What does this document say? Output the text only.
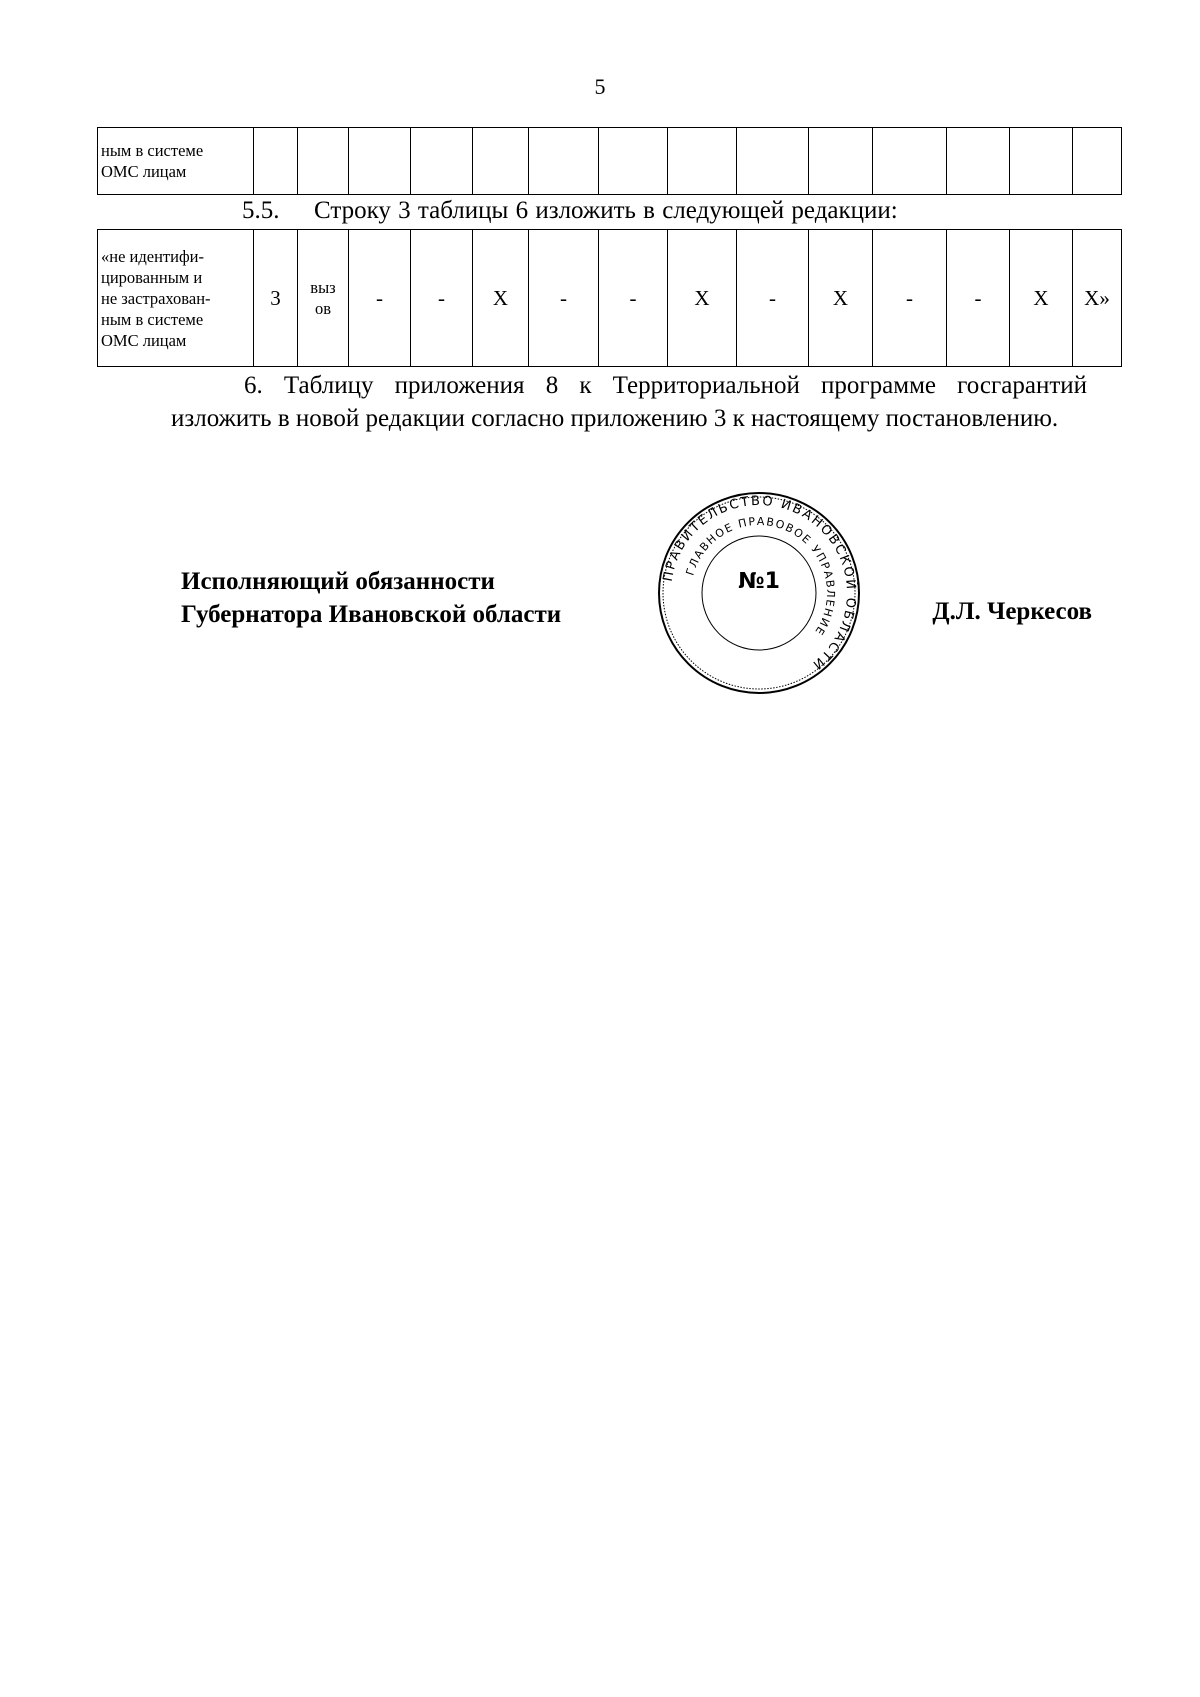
5
ным в системе
ОМС лицам

5.5. Строку 3 таблицы 6 изложить в следующей редакции:
«не идентифи-
цированным и
не застрахован-
ным в системе
ОМС лицам
	3	выз ов	-	-	Х	-	-	Х	-	Х	-	-	Х	Х»
6. Таблицу приложения 8 к Территориальной программе госгарантий изложить в новой редакции согласно приложению 3 к настоящему постановлению.
Исполняющий обязанности
Губернатора Ивановской области	Д.Л. Черкесов
ПРАВИТЕЛЬСТВО ИВАНОВСКОЙ ОБЛАСТИ
ГЛАВНОЕ ПРАВОВОЕ УПРАВЛЕНИЕ
№1
